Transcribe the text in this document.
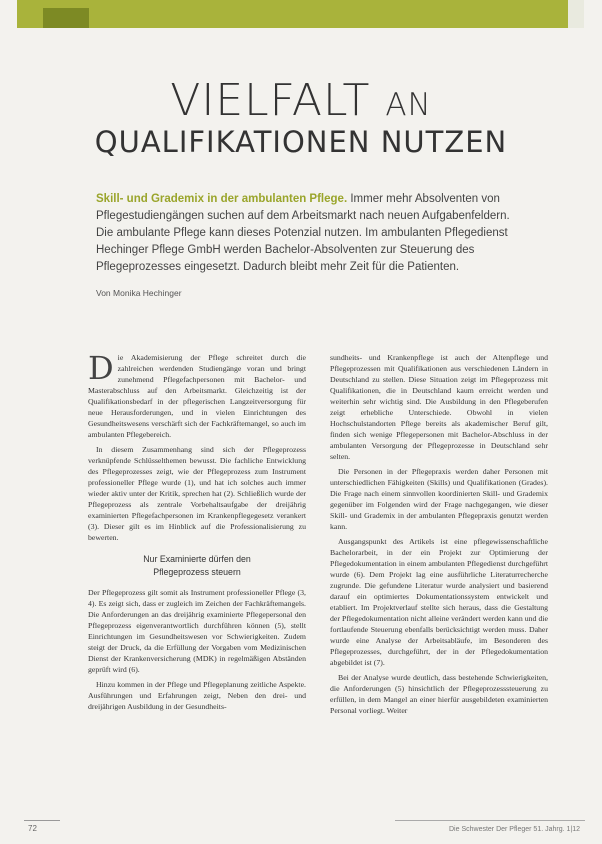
VIELFALT AN
QUALIFIKATIONEN NUTZEN
Skill- und Grademix in der ambulanten Pflege. Immer mehr Absolventen von Pflegestudiengängen suchen auf dem Arbeitsmarkt nach neuen Aufgabenfeldern. Die ambulante Pflege kann dieses Potenzial nutzen. Im ambulanten Pflegedienst Hechinger Pflege GmbH werden Bachelor-Absolventen zur Steuerung des Pflegeprozesses eingesetzt. Dadurch bleibt mehr Zeit für die Patienten.
Von Monika Hechinger

Die Akademisierung der Pflege schreitet durch die zahlreichen werdenden Studiengänge voran und bringt zunehmend Pflegefachpersonen mit Bachelor- und Masterabschluss auf den Arbeitsmarkt. Gleichzeitig ist der Qualifikationsbedarf in der pflegerischen Langzeitversorgung für neue Herausforderungen, und in vielen Einrichtungen des Gesundheitswesens verschärft sich der Fachkräftemangel, so auch im ambulanten Pflegebereich.

In diesem Zusammenhang sind sich der Pflegeprozess verknüpfende Schlüsselthemen bewusst. Die fachliche Entwicklung des Pflegeprozesses zeigt, wie der Pflegeprozess zum Instrument professioneller Pflege wurde (1), und hat ich solches auch immer wieder aktiv unter der Kritik, sprechen hat (2). Schließlich wurde der Pflegeprozess als zentrale Vorbehaltsaufgabe der dreijährig examinierten Pflegefachpersonen im Krankenpflegegesetz verankert (3). Dieser gilt es im Hinblick auf die Professionalisierung zu bewerten.

Nur Examinierte dürfen den
Pflegeprozess steuern

Der Pflegeprozess gilt somit als Instrument professioneller Pflege (3, 4). Es zeigt sich, dass er zugleich im Zeichen der Fachkräftemangels. Die Anforderungen an das dreijährig examinierte Pflegepersonal den Pflegeprozess eigenverantwortlich durchführen können (5), stellt Einrichtungen im Gesundheitswesen vor Schwierigkeiten. Zudem steigt der Druck, da die Erfüllung der Vorgaben vom Medizinischen Dienst der Krankenversicherung (MDK) in regelmäßigen Abständen geprüft wird (6).

Hinzu kommen in der Pflege und Pflegeplanung zeitliche Aspekte. Ausführungen und Erfahrungen zeigt, Neben den drei- und dreijährigen Ausbildung in der Gesundheits-

sundheits- und Krankenpflege ist auch der Altenpflege und Pflegeprozessen mit Qualifikationen aus verschiedenen Ländern in Deutschland zu stellen. Diese Situation zeigt im Pflegeprozess mit Qualifikationen, die in Deutschland kaum erreicht werden und weiterhin sehr wichtig sind. Die Ausbildung in den Pflegeberufen zeigt erhebliche Unterschiede. Obwohl in vielen Hochschulstandorten Pflege bereits als akademischer Beruf gilt, finden sich wenige Pflegepersonen mit Bachelor-Abschluss in der ambulanten Versorgung der Pflegeprozesse in Deutschland sehr selten.

Die Personen in der Pflegepraxis werden daher Personen mit unterschiedlichen Fähigkeiten (Skills) und Qualifikationen (Grades). Die Frage nach einem sinnvollen koordinierten Skill- und Grademix gegenüber im Folgenden wird der Frage nachgegangen, wie dieser Skill- und Grademix in der ambulanten Pflegepraxis genutzt werden kann.

Ausgangspunkt des Artikels ist eine pflegewissenschaftliche Bachelorarbeit, in der ein Projekt zur Optimierung der Pflegedokumentation in einem ambulanten Pflegedienst durchgeführt wurde (6). Dem Projekt lag eine ausführliche Literaturrecherche zugrunde. Die gefundene Literatur wurde analysiert und basierend darauf ein optimiertes Dokumentationssystem entwickelt und etabliert. Im Projektverlauf stellte sich heraus, dass die Gestaltung der Pflegedokumentation nicht alleine verändert werden kann und die fortlaufende Steuerung ebenfalls berücksichtigt werden muss. Daher wurde eine Analyse der Arbeitsabläufe, im Besonderen des Pflegeprozesses, durchgeführt, der in der Pflegedokumentation abgebildet ist (7).

Bei der Analyse wurde deutlich, dass bestehende Schwierigkeiten, die Anforderungen (5) hinsichtlich der Pflegeprozesssteuerung zu erfüllen, in dem Mangel an einer hierfür ausgebildeten examinierten Personal vorliegt. Weiter

72	Die Schwester Der Pfleger 51. Jahrg. 1|12
